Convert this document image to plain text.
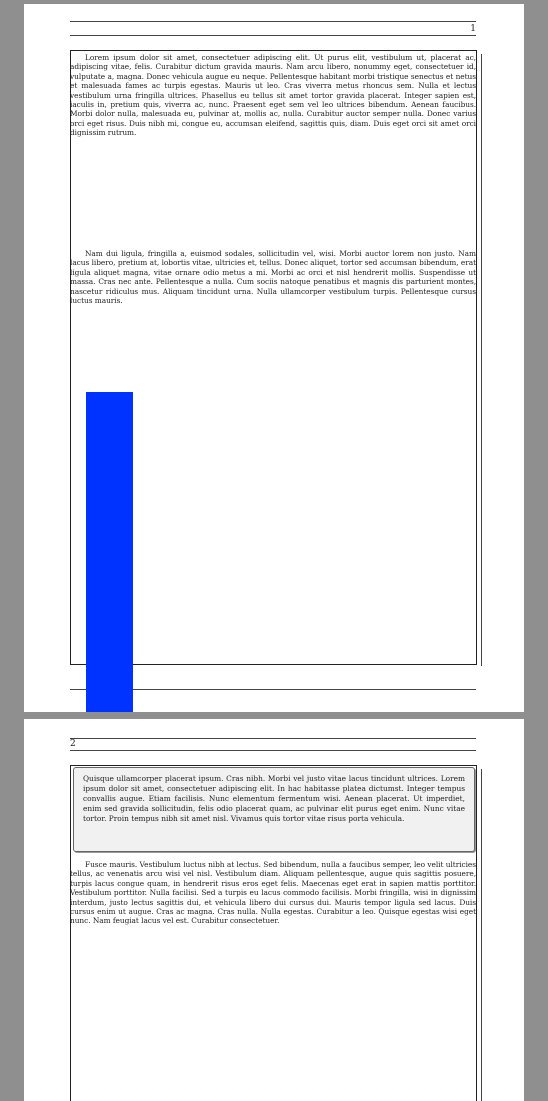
1
Lorem ipsum dolor sit amet, consectetuer adipiscing elit. Ut purus elit, vestibulum ut, placerat ac, adipiscing vitae, felis. Curabitur dictum gravida mauris. Nam arcu libero, nonummy eget, consectetuer id, vulputate a, magna. Donec vehicula augue eu neque. Pellentesque habitant morbi tristique senectus et netus et malesuada fames ac turpis egestas. Mauris ut leo. Cras viverra metus rhoncus sem. Nulla et lectus vestibulum urna fringilla ultrices. Phasellus eu tellus sit amet tortor gravida placerat. Integer sapien est, iaculis in, pretium quis, viverra ac, nunc. Praesent eget sem vel leo ultrices bibendum. Aenean faucibus. Morbi dolor nulla, malesuada eu, pulvinar at, mollis ac, nulla. Curabitur auctor semper nulla. Donec varius orci eget risus. Duis nibh mi, congue eu, accumsan eleifend, sagittis quis, diam. Duis eget orci sit amet orci dignissim rutrum.
Nam dui ligula, fringilla a, euismod sodales, sollicitudin vel, wisi. Morbi auctor lorem non justo. Nam lacus libero, pretium at, lobortis vitae, ultricies et, tellus. Donec aliquet, tortor sed accumsan bibendum, erat ligula aliquet magna, vitae ornare odio metus a mi. Morbi ac orci et nisl hendrerit mollis. Suspendisse ut massa. Cras nec ante. Pellentesque a nulla. Cum sociis natoque penatibus et magnis dis parturient montes, nascetur ridiculus mus. Aliquam tincidunt urna. Nulla ullamcorper vestibulum turpis. Pellentesque cursus luctus mauris.
2
Quisque ullamcorper placerat ipsum. Cras nibh. Morbi vel justo vitae lacus tincidunt ultrices. Lorem ipsum dolor sit amet, consectetuer adipiscing elit. In hac habitasse platea dictumst. Integer tempus convallis augue. Etiam facilisis. Nunc elementum fermentum wisi. Aenean placerat. Ut imperdiet, enim sed gravida sollicitudin, felis odio placerat quam, ac pulvinar elit purus eget enim. Nunc vitae tortor. Proin tempus nibh sit amet nisl. Vivamus quis tortor vitae risus porta vehicula.
Fusce mauris. Vestibulum luctus nibh at lectus. Sed bibendum, nulla a faucibus semper, leo velit ultricies tellus, ac venenatis arcu wisi vel nisl. Vestibulum diam. Aliquam pellentesque, augue quis sagittis posuere, turpis lacus congue quam, in hendrerit risus eros eget felis. Maecenas eget erat in sapien mattis porttitor. Vestibulum porttitor. Nulla facilisi. Sed a turpis eu lacus commodo facilisis. Morbi fringilla, wisi in dignissim interdum, justo lectus sagittis dui, et vehicula libero dui cursus dui. Mauris tempor ligula sed lacus. Duis cursus enim ut augue. Cras ac magna. Cras nulla. Nulla egestas. Curabitur a leo. Quisque egestas wisi eget nunc. Nam feugiat lacus vel est. Curabitur consectetuer.
